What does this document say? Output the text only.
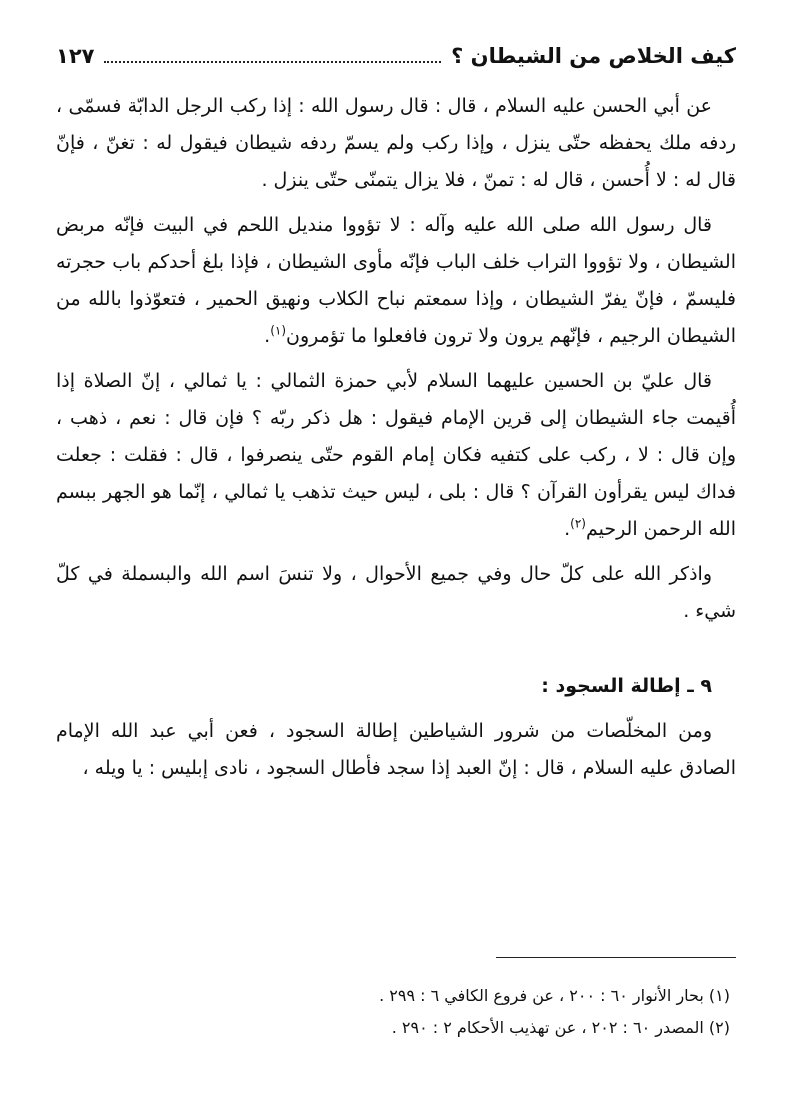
كيف الخلاص من الشيطان ؟
١٢٧

عن أبي الحسن عليه السلام ، قال : قال رسول الله : إذا ركب الرجل الدابّة فسمّى ، ردفه ملك يحفظه حتّى ينزل ، وإذا ركب ولم يسمّ ردفه شيطان فيقول له : تغنّ ، فإنّ قال له : لا أُحسن ، قال له : تمنّ ، فلا يزال يتمنّى حتّى ينزل .

قال رسول الله صلى الله عليه وآله : لا تؤووا منديل اللحم في البيت فإنّه مربض الشيطان ، ولا تؤووا التراب خلف الباب فإنّه مأوى الشيطان ، فإذا بلغ أحدكم باب حجرته فليسمّ ، فإنّ يفرّ الشيطان ، وإذا سمعتم نباح الكلاب ونهيق الحمير ، فتعوّذوا بالله من الشيطان الرجيم ، فإنّهم يرون ولا ترون فافعلوا ما تؤمرون$^{(١)}$.

قال عليّ بن الحسين عليهما السلام لأبي حمزة الثمالي : يا ثمالي ، إنّ الصلاة إذا أُقيمت جاء الشيطان إلى قرين الإمام فيقول : هل ذكر ربّه ؟ فإن قال : نعم ، ذهب ، وإن قال : لا ، ركب على كتفيه فكان إمام القوم حتّى ينصرفوا ، قال : فقلت : جعلت فداك ليس يقرأون القرآن ؟ قال : بلى ، ليس حيث تذهب يا ثمالي ، إنّما هو الجهر ببسم الله الرحمن الرحيم$^{(٢)}$.

واذكر الله على كلّ حال وفي جميع الأحوال ، ولا تنسَ اسم الله والبسملة في كلّ شيء .

٩ ـ إطالة السجود :

ومن المخلّصات من شرور الشياطين إطالة السجود ، فعن أبي عبد الله الإمام الصادق عليه السلام ، قال : إنّ العبد إذا سجد فأطال السجود ، نادى إبليس : يا ويله ،

(١) بحار الأنوار ٦٠ : ٢٠٠ ، عن فروع الكافي ٦ : ٢٩٩ .
(٢) المصدر ٦٠ : ٢٠٢ ، عن تهذيب الأحكام ٢ : ٢٩٠ .
